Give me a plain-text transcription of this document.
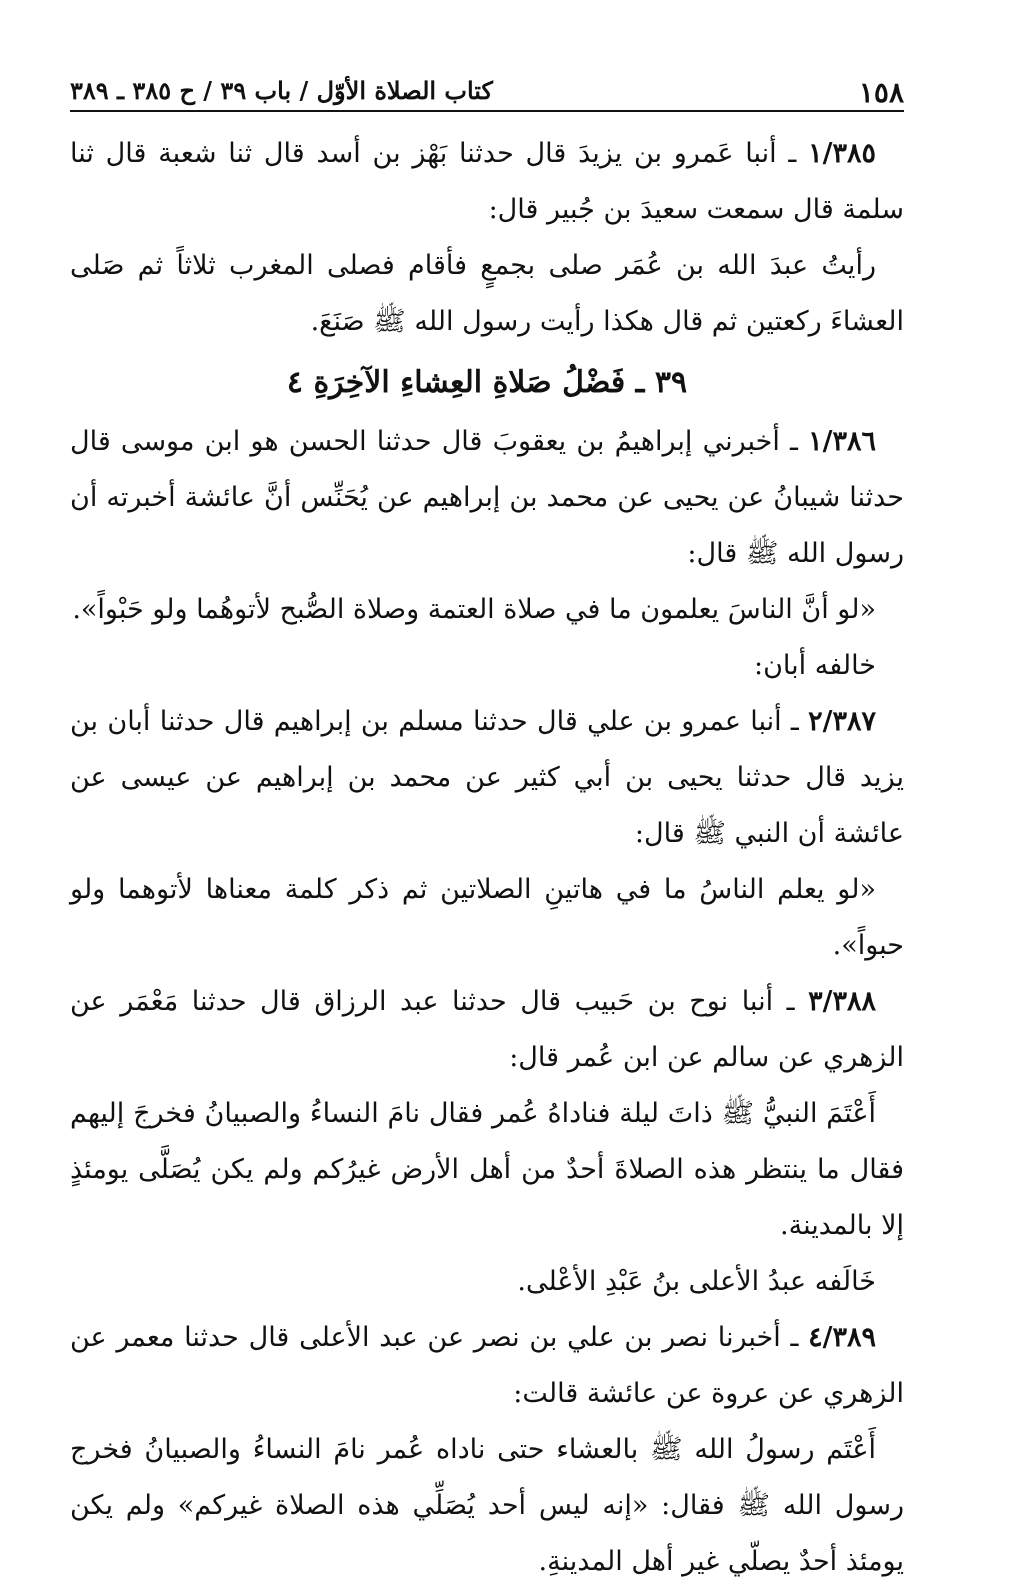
١٥٨
كتاب الصلاة الأوّل / باب ٣٩ / ح ٣٨٥ ـ ٣٨٩

١/٣٨٥ ـ أنبا عَمرو بن يزيدَ قال حدثنا بَهْز بن أسد قال ثنا شعبة قال ثنا سلمة قال سمعت سعيدَ بن جُبير قال:

رأيتُ عبدَ الله بن عُمَر صلى بجمعٍ فأقام فصلى المغرب ثلاثاً ثم صَلى العشاءَ ركعتين ثم قال هكذا رأيت رسول الله ﷺ صَنَعَ.

٣٩ ـ فَضْلُ صَلاةِ العِشاءِ الآخِرَةِ ٤

١/٣٨٦ ـ أخبرني إبراهيمُ بن يعقوبَ قال حدثنا الحسن هو ابن موسى قال حدثنا شيبانُ عن يحيى عن محمد بن إبراهيم عن يُحَنِّس أنَّ عائشة أخبرته أن رسول الله ﷺ قال:

«لو أنَّ الناسَ يعلمون ما في صلاة العتمة وصلاة الصُّبح لأتوهُما ولو حَبْواً».

خالفه أبان:

٢/٣٨٧ ـ أنبا عمرو بن علي قال حدثنا مسلم بن إبراهيم قال حدثنا أبان بن يزيد قال حدثنا يحيى بن أبي كثير عن محمد بن إبراهيم عن عيسى عن عائشة أن النبي ﷺ قال:

«لو يعلم الناسُ ما في هاتينِ الصلاتين ثم ذكر كلمة معناها لأتوهما ولو حبواً».

٣/٣٨٨ ـ أنبا نوح بن حَبيب قال حدثنا عبد الرزاق قال حدثنا مَعْمَر عن الزهري عن سالم عن ابن عُمر قال:

أَعْتَمَ النبيُّ ﷺ ذاتَ ليلة فناداهُ عُمر فقال نامَ النساءُ والصبيانُ فخرجَ إليهم فقال ما ينتظر هذه الصلاةَ أحدٌ من أهل الأرض غيرُكم ولم يكن يُصَلَّى يومئذٍ إلا بالمدينة.

خَالَفه عبدُ الأعلى بنُ عَبْدِ الأعْلى.

٤/٣٨٩ ـ أخبرنا نصر بن علي بن نصر عن عبد الأعلى قال حدثنا معمر عن الزهري عن عروة عن عائشة قالت:

أَعْتَم رسولُ الله ﷺ بالعشاء حتى ناداه عُمر نامَ النساءُ والصبيانُ فخرج رسول الله ﷺ فقال: «إنه ليس أحد يُصَلِّي هذه الصلاة غيركم» ولم يكن يومئذ أحدٌ يصلّي غير أهل المدينةِ.
